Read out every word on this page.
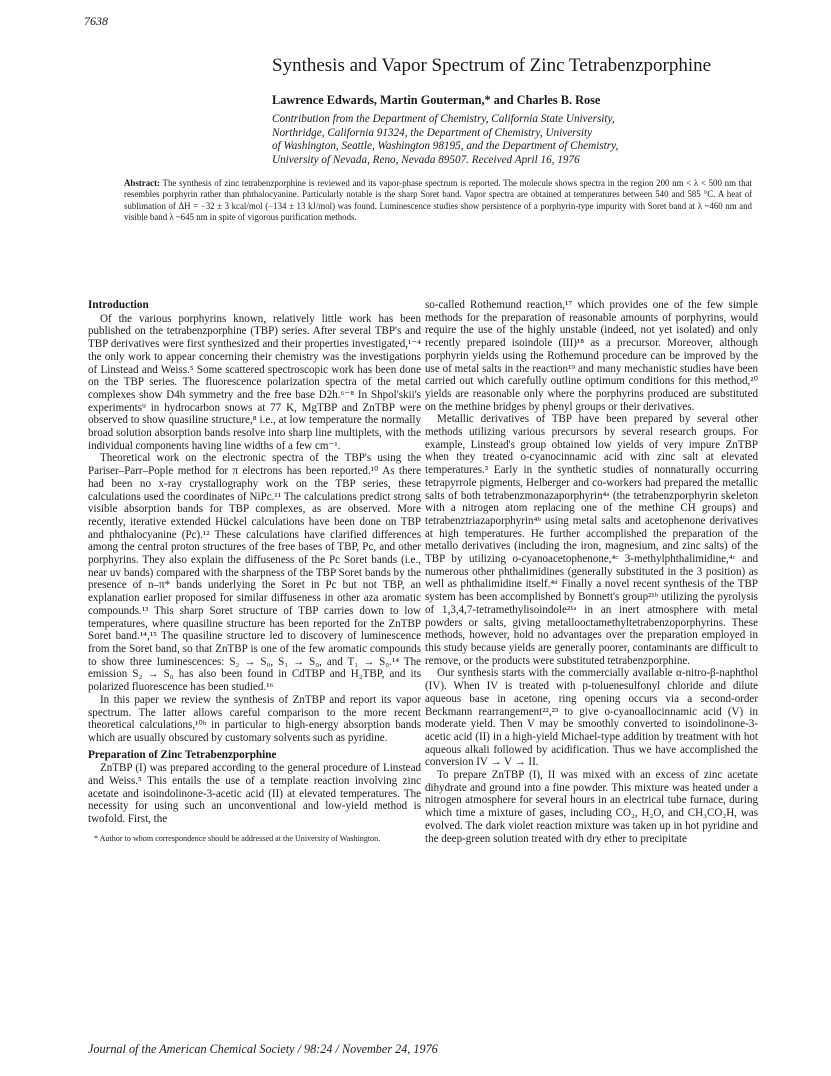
7638
Synthesis and Vapor Spectrum of Zinc Tetrabenzporphine
Lawrence Edwards, Martin Gouterman,* and Charles B. Rose
Contribution from the Department of Chemistry, California State University,
Northridge, California 91324, the Department of Chemistry, University
of Washington, Seattle, Washington 98195, and the Department of Chemistry,
University of Nevada, Reno, Nevada 89507. Received April 16, 1976
Abstract: The synthesis of zinc tetrabenzporphine is reviewed and its vapor-phase spectrum is reported. The molecule shows spectra in the region 200 nm < λ < 500 nm that resembles porphyrin rather than phthalocyanine. Particularly notable is the sharp Soret band. Vapor spectra are obtained at temperatures between 540 and 585 °C. A heat of sublimation of ΔH = −32 ± 3 kcal/mol (−134 ± 13 kJ/mol) was found. Luminescence studies show persistence of a porphyrin-type impurity with Soret band at λ ~460 nm and visible band λ ~645 nm in spite of vigorous purification methods.
Introduction

Of the various porphyrins known, relatively little work has been published on the tetrabenzporphine (TBP) series. After several TBP's and TBP derivatives were first synthesized and their properties investigated,¹⁻⁴ the only work to appear concerning their chemistry was the investigations of Linstead and Weiss.⁵ Some scattered spectroscopic work has been done on the TBP series. The fluorescence polarization spectra of the metal complexes show D4h symmetry and the free base D2h.⁶⁻⁸ In Shpol'skii's experiments⁹ in hydrocarbon snows at 77 K, MgTBP and ZnTBP were observed to show quasiline structure,⁸ i.e., at low temperature the normally broad solution absorption bands resolve into sharp line multiplets, with the individual components having line widths of a few cm⁻¹.

Theoretical work on the electronic spectra of the TBP's using the Pariser–Parr–Pople method for π electrons has been reported.¹⁰ As there had been no x-ray crystallography work on the TBP series, these calculations used the coordinates of NiPc.¹¹ The calculations predict strong visible absorption bands for TBP complexes, as are observed. More recently, iterative extended Hückel calculations have been done on TBP and phthalocyanine (Pc).¹² These calculations have clarified differences among the central proton structures of the free bases of TBP, Pc, and other porphyrins. They also explain the diffuseness of the Pc Soret bands (i.e., near uv bands) compared with the sharpness of the TBP Soret bands by the presence of n–π* bands underlying the Soret in Pc but not TBP, an explanation earlier proposed for similar diffuseness in other aza aromatic compounds.¹³ This sharp Soret structure of TBP carries down to low temperatures, where quasiline structure has been reported for the ZnTBP Soret band.¹⁴,¹⁵ The quasiline structure led to discovery of luminescence from the Soret band, so that ZnTBP is one of the few aromatic compounds to show three luminescences: S₂ → S₀, S₁ → S₀, and T₁ → S₀.¹⁴ The emission S₂ → S₀ has also been found in CdTBP and H₂TBP, and its polarized fluorescence has been studied.¹⁶

In this paper we review the synthesis of ZnTBP and report its vapor spectrum. The latter allows careful comparison to the more recent theoretical calculations,¹⁰ᵇ in particular to high-energy absorption bands which are usually obscured by customary solvents such as pyridine.

Preparation of Zinc Tetrabenzporphine

ZnTBP (I) was prepared according to the general procedure of Linstead and Weiss.⁵ This entails the use of a template reaction involving zinc acetate and isoindolinone-3-acetic acid (II) at elevated temperatures. The necessity for using such an unconventional and low-yield method is twofold. First, the

* Author to whom correspondence should be addressed at the University of Washington.

so-called Rothemund reaction,¹⁷ which provides one of the few simple methods for the preparation of reasonable amounts of porphyrins, would require the use of the highly unstable (indeed, not yet isolated) and only recently prepared isoindole (III)¹⁸ as a precursor. Moreover, although porphyrin yields using the Rothemund procedure can be improved by the use of metal salts in the reaction¹⁹ and many mechanistic studies have been carried out which carefully outline optimum conditions for this method,²⁰ yields are reasonable only where the porphyrins produced are substituted on the methine bridges by phenyl groups or their derivatives.

Metallic derivatives of TBP have been prepared by several other methods utilizing various precursors by several research groups. For example, Linstead's group obtained low yields of very impure ZnTBP when they treated o-cyanocinnamic acid with zinc salt at elevated temperatures.³ Early in the synthetic studies of nonnaturally occurring tetrapyrrole pigments, Helberger and co-workers had prepared the metallic salts of both tetrabenzmonazaporphyrin⁴ᵃ (the tetrabenzporphyrin skeleton with a nitrogen atom replacing one of the methine CH groups) and tetrabenztriazaporphyrin⁴ᵇ using metal salts and acetophenone derivatives at high temperatures. He further accomplished the preparation of the metallo derivatives (including the iron, magnesium, and zinc salts) of the TBP by utilizing o-cyanoacetophenone,⁴ᶜ 3-methylphthalimidine,⁴ᶜ and numerous other phthalimidines (generally substituted in the 3 position) as well as phthalimidine itself.⁴ᵈ Finally a novel recent synthesis of the TBP system has been accomplished by Bonnett's group²¹ᵇ utilizing the pyrolysis of 1,3,4,7-tetramethylisoindole²¹ᵃ in an inert atmosphere with metal powders or salts, giving metallooctamethyltetrabenzoporphyrins. These methods, however, hold no advantages over the preparation employed in this study because yields are generally poorer, contaminants are difficult to remove, or the products were substituted tetrabenzporphine.

Our synthesis starts with the commercially available α-nitro-β-naphthol (IV). When IV is treated with p-toluenesulfonyl chloride and dilute aqueous base in acetone, ring opening occurs via a second-order Beckmann rearrangement²²,²³ to give o-cyanoallocinnamic acid (V) in moderate yield. Then V may be smoothly converted to isoindolinone-3-acetic acid (II) in a high-yield Michael-type addition by treatment with hot aqueous alkali followed by acidification. Thus we have accomplished the conversion IV → V → II.

To prepare ZnTBP (I), II was mixed with an excess of zinc acetate dihydrate and ground into a fine powder. This mixture was heated under a nitrogen atmosphere for several hours in an electrical tube furnace, during which time a mixture of gases, including CO₂, H₂O, and CH₃CO₂H, was evolved. The dark violet reaction mixture was taken up in hot pyridine and the deep-green solution treated with dry ether to precipitate

Journal of the American Chemical Society / 98:24 / November 24, 1976
